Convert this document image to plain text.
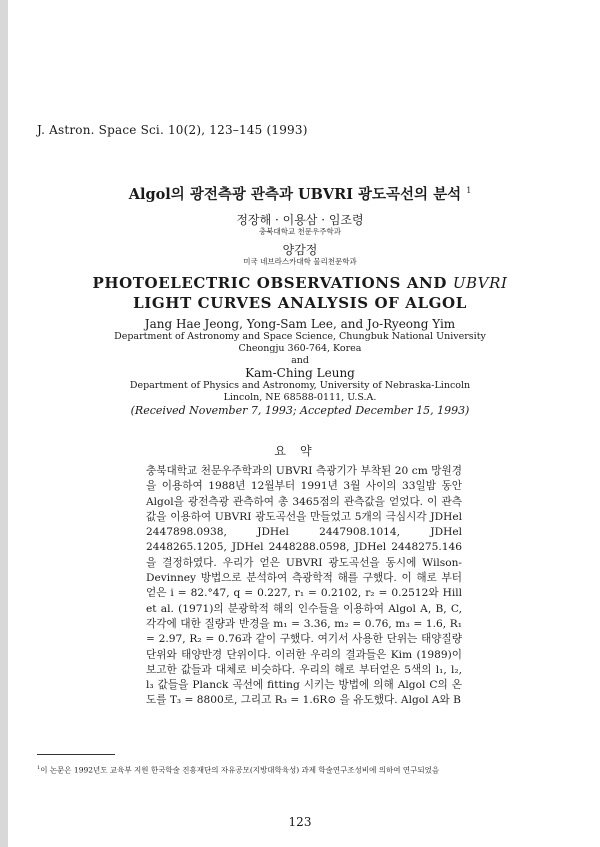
J. Astron. Space Sci. 10(2), 123–145 (1993)
Algol의 광전측광 관측과 UBVRI 광도곡선의 분석 $^1$
정장해 · 이용삼 · 임조령
충북대학교 천문우주학과
양감정
미국 네브라스카대학 물리천문학과
PHOTOELECTRIC OBSERVATIONS AND UBVRI
LIGHT CURVES ANALYSIS OF ALGOL
Jang Hae Jeong, Yong-Sam Lee, and Jo-Ryeong Yim
Department of Astronomy and Space Science, Chungbuk National University
Cheongju 360-764, Korea
and
Kam-Ching Leung
Department of Physics and Astronomy, University of Nebraska-Lincoln
Lincoln, NE 68588-0111, U.S.A.
(Received November 7, 1993; Accepted December 15, 1993)
요약

충북대학교 천문우주학과의 UBVRI 측광기가 부착된 20 cm 망원경을 이용하여 1988년 12월부터 1991년 3월 사이의 33일밤 동안 Algol을 광전측광 관측하여 총 3465점의 관측값을 얻었다. 이 관측값을 이용하여 UBVRI 광도곡선을 만들었고 5개의 극심시각 JDHel 2447898.0938, JDHel 2447908.1014, JDHel 2448265.1205, JDHel 2448288.0598, JDHel 2448275.146을 결정하였다. 우리가 얻은 UBVRI 광도곡선을 동시에 Wilson-Devinney 방법으로 분석하여 측광학적 해를 구했다. 이 해로 부터 얻은 i = 82.°47, q = 0.227, r₁ = 0.2102, r₂ = 0.2512와 Hill et al. (1971)의 분광학적 해의 인수들을 이용하여 Algol A, B, C, 각각에 대한 질량과 반경을 m₁ = 3.36, m₂ = 0.76, m₃ = 1.6, R₁ = 2.97, R₂ = 0.76과 같이 구했다. 여기서 사용한 단위는 태양질량 단위와 태양반경 단위이다. 이러한 우리의 결과들은 Kim (1989)이 보고한 값들과 대체로 비슷하다. 우리의 해로 부터얻은 5색의 l₁, l₂, l₃ 값들을 Planck 곡선에 fitting 시키는 방법에 의해 Algol C의 온도를 T₃ = 8800로, 그리고 R₃ = 1.6R⊙ 을 유도했다. Algol A와 B

$^1$이 논문은 1992년도 교육부 지원 한국학술 진흥재단의 자유공모(지방대학육성) 과제 학술연구조성비에 의하여 연구되었음
123
